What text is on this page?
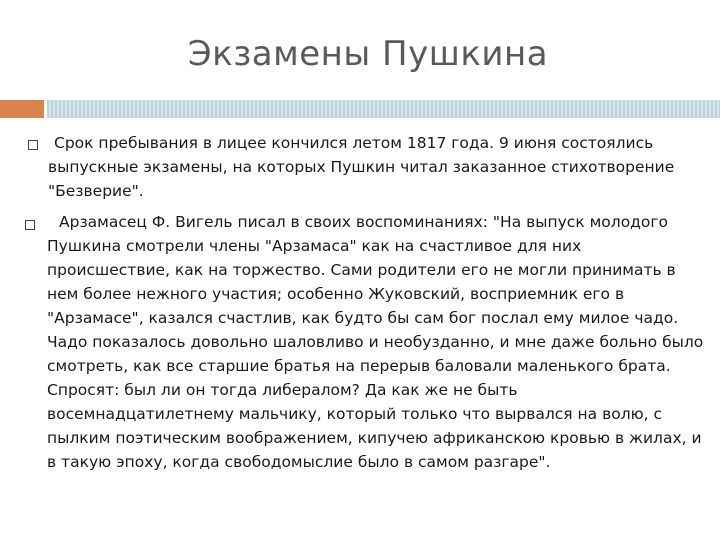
Экзамены Пушкина

Срок пребывания в лицее кончился летом 1817 года. 9 июня состоялись выпускные экзамены, на которых Пушкин читал заказанное стихотворение "Безверие".

Арзамасец Ф. Вигель писал в своих воспоминаниях: "На выпуск молодого Пушкина смотрели члены "Арзамаса" как на счастливое для них происшествие, как на торжество. Сами родители его не могли принимать в нем более нежного участия; особенно Жуковский, восприемник его в "Арзамасе", казался счастлив, как будто бы сам бог послал ему милое чадо. Чадо показалось довольно шаловливо и необузданно, и мне даже больно было смотреть, как все старшие братья на перерыв баловали маленького брата. Спросят: был ли он тогда либералом? Да как же не быть восемнадцатилетнему мальчику, который только что вырвался на волю, с пылким поэтическим воображением, кипучею африканскою кровью в жилах, и в такую эпоху, когда свободомыслие было в самом разгаре".
